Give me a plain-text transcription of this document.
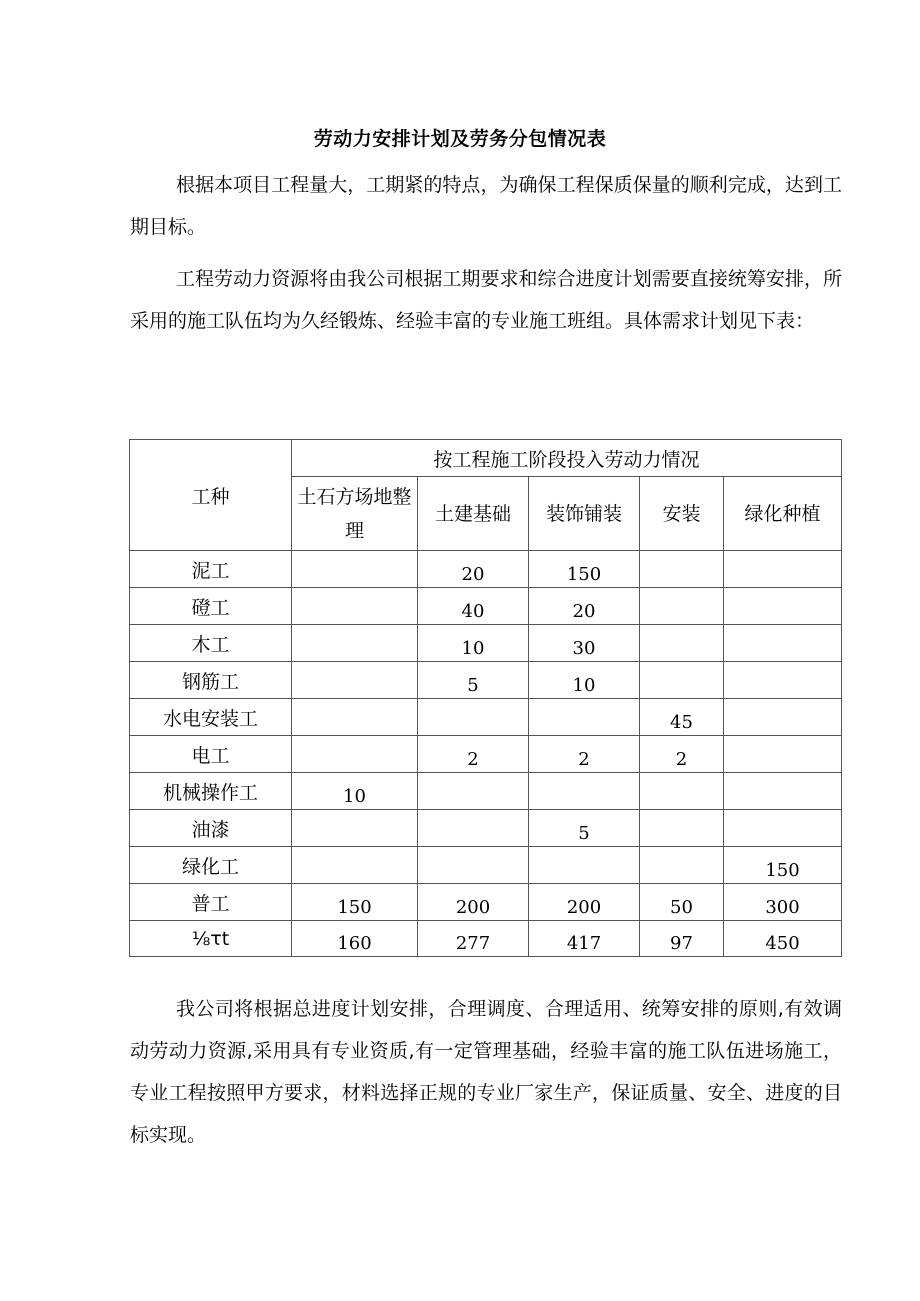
劳动力安排计划及劳务分包情况表

根据本项目工程量大，工期紧的特点，为确保工程保质保量的顺利完成，达到工期目标。

工程劳动力资源将由我公司根据工期要求和综合进度计划需要直接统筹安排，所采用的施工队伍均为久经锻炼、经验丰富的专业施工班组。具体需求计划见下表：

工种	按工程施工阶段投入劳动力情况				
	土石方场地整理	土建基础	装饰铺装	安装	绿化种植
泥工		20	150		
磴工		40	20		
木工		10	30		
钢筋工		5	10		
水电安装工				45	
电工		2	2	2	
机械操作工	10				
油漆			5		
绿化工					150
普工	150	200	200	50	300
⅛τt	160	277	417	97	450

我公司将根据总进度计划安排，合理调度、合理适用、统筹安排的原则,有效调动劳动力资源,采用具有专业资质,有一定管理基础，经验丰富的施工队伍进场施工，专业工程按照甲方要求，材料选择正规的专业厂家生产，保证质量、安全、进度的目标实现。
